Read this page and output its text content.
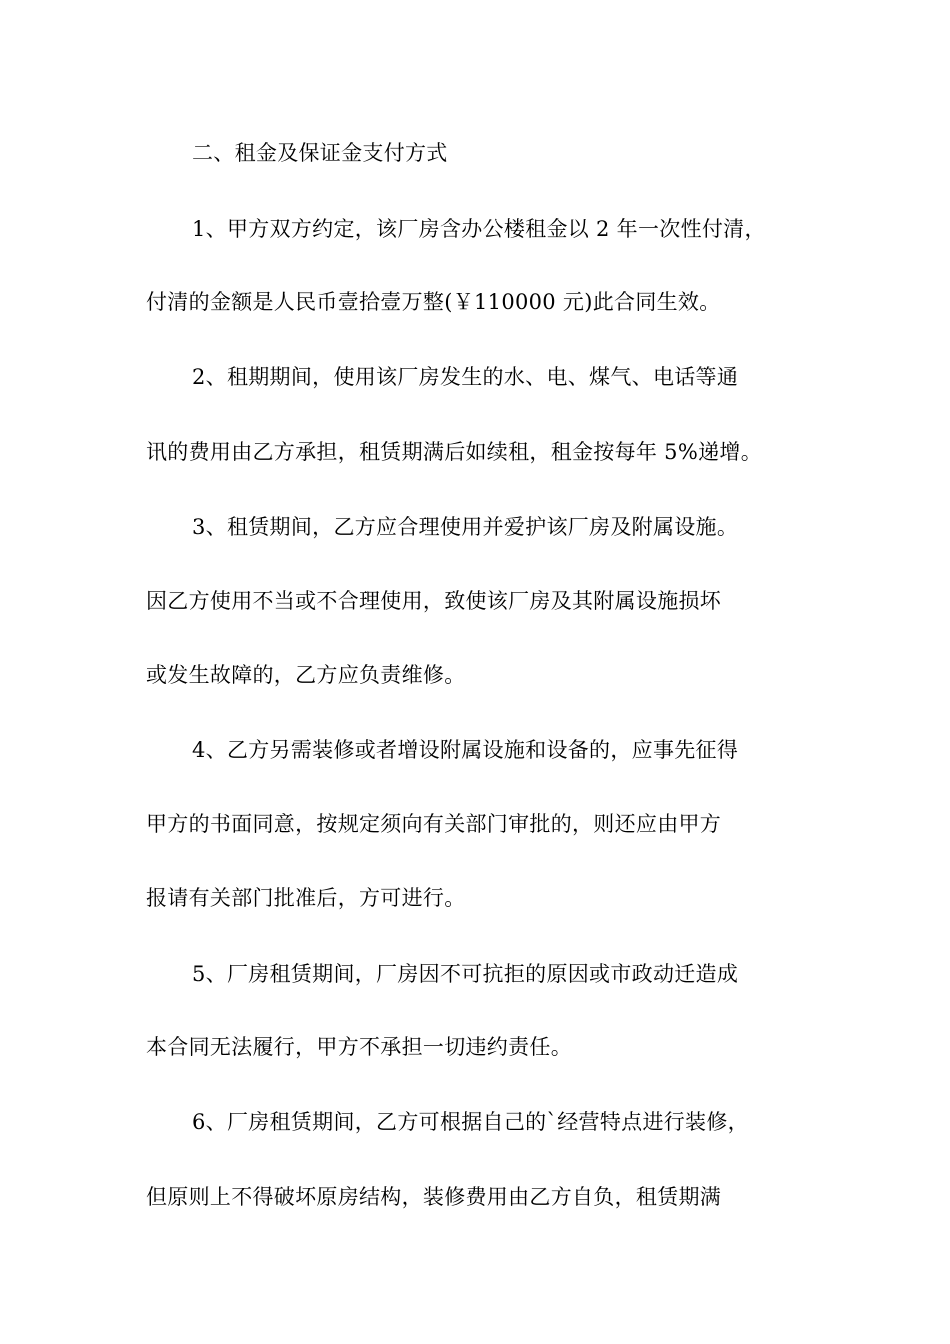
二、租金及保证金支付方式
1、甲方双方约定，该厂房含办公楼租金以 2 年一次性付清，
付清的金额是人民币壹拾壹万整(￥110000 元)此合同生效。
2、租期期间，使用该厂房发生的水、电、煤气、电话等通
讯的费用由乙方承担，租赁期满后如续租，租金按每年 5%递增。
3、租赁期间，乙方应合理使用并爱护该厂房及附属设施。
因乙方使用不当或不合理使用，致使该厂房及其附属设施损坏
或发生故障的，乙方应负责维修。
4、乙方另需装修或者增设附属设施和设备的，应事先征得
甲方的书面同意，按规定须向有关部门审批的，则还应由甲方
报请有关部门批准后，方可进行。
5、厂房租赁期间，厂房因不可抗拒的原因或市政动迁造成
本合同无法履行，甲方不承担一切违约责任。
6、厂房租赁期间，乙方可根据自己的`经营特点进行装修，
但原则上不得破坏原房结构，装修费用由乙方自负，租赁期满
